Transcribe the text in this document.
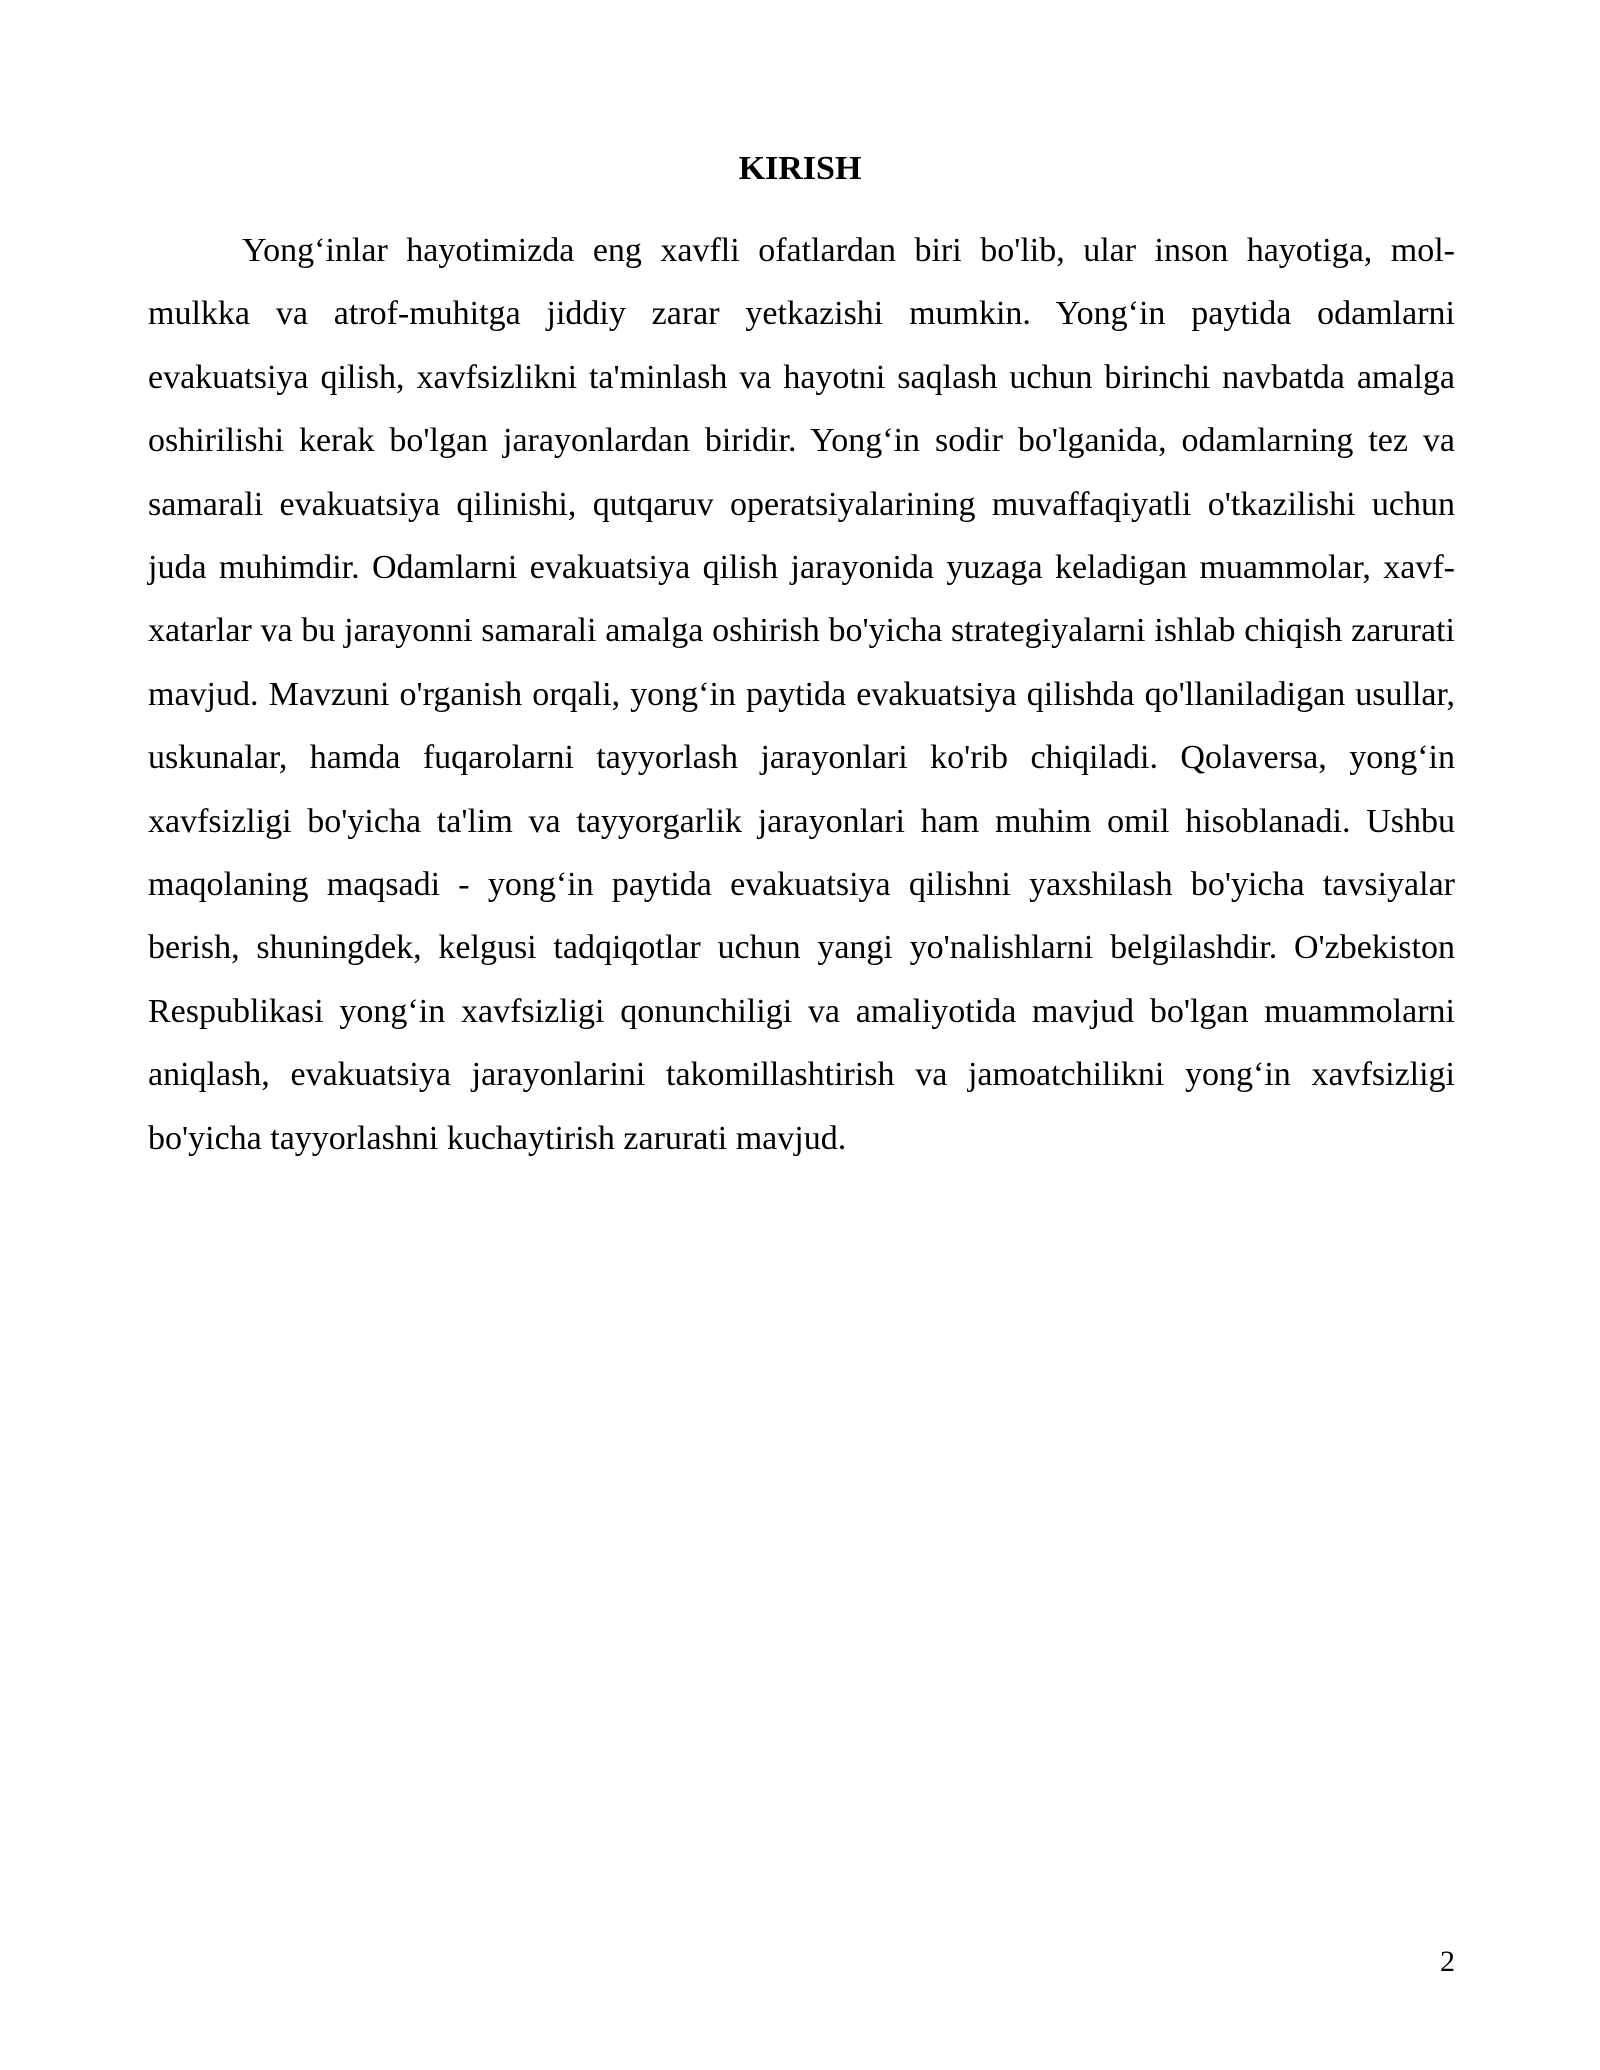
KIRISH

Yong‘inlar hayotimizda eng xavfli ofatlardan biri bo'lib, ular inson hayotiga, mol-mulkka va atrof-muhitga jiddiy zarar yetkazishi mumkin. Yong‘in paytida odamlarni evakuatsiya qilish, xavfsizlikni ta'minlash va hayotni saqlash uchun birinchi navbatda amalga oshirilishi kerak bo'lgan jarayonlardan biridir. Yong‘in sodir bo'lganida, odamlarning tez va samarali evakuatsiya qilinishi, qutqaruv operatsiyalarining muvaffaqiyatli o'tkazilishi uchun juda muhimdir. Odamlarni evakuatsiya qilish jarayonida yuzaga keladigan muammolar, xavf-xatarlar va bu jarayonni samarali amalga oshirish bo'yicha strategiyalarni ishlab chiqish zarurati mavjud. Mavzuni o'rganish orqali, yong‘in paytida evakuatsiya qilishda qo'llaniladigan usullar, uskunalar, hamda fuqarolarni tayyorlash jarayonlari ko'rib chiqiladi. Qolaversa, yong‘in xavfsizligi bo'yicha ta'lim va tayyorgarlik jarayonlari ham muhim omil hisoblanadi. Ushbu maqolaning maqsadi - yong‘in paytida evakuatsiya qilishni yaxshilash bo'yicha tavsiyalar berish, shuningdek, kelgusi tadqiqotlar uchun yangi yo'nalishlarni belgilashdir. O'zbekiston Respublikasi yong‘in xavfsizligi qonunchiligi va amaliyotida mavjud bo'lgan muammolarni aniqlash, evakuatsiya jarayonlarini takomillashtirish va jamoatchilikni yong‘in xavfsizligi bo'yicha tayyorlashni kuchaytirish zarurati mavjud.

2
